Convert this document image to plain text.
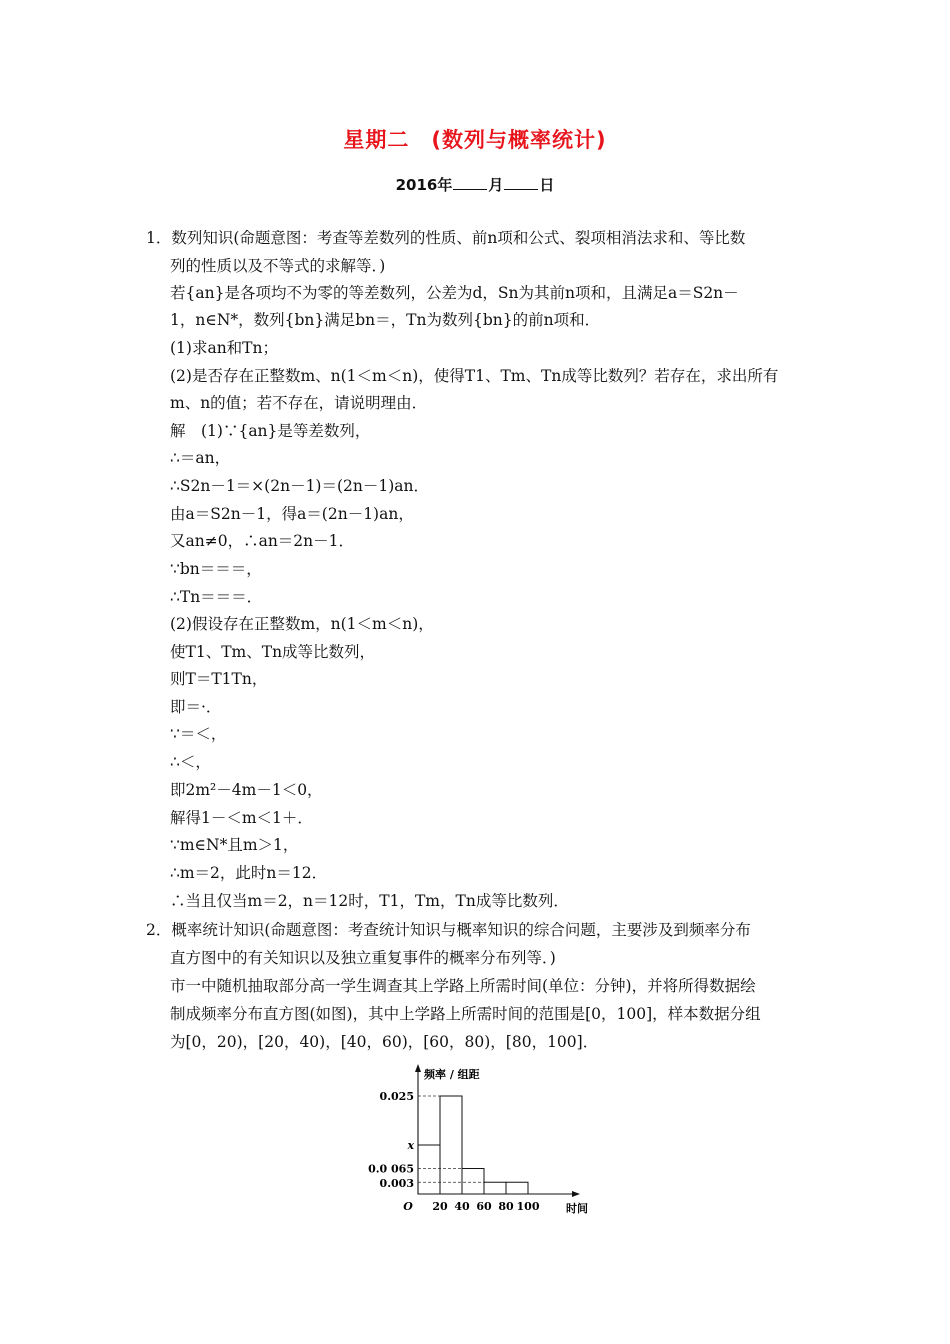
星期二　(数列与概率统计)
2016年 月 日
1．数列知识(命题意图：考查等差数列的性质、前n项和公式、裂项相消法求和、等比数
列的性质以及不等式的求解等．)
若{an}是各项均不为零的等差数列，公差为d，Sn为其前n项和，且满足a＝S2n－
1，n∈N*，数列{bn}满足bn＝，Tn为数列{bn}的前n项和．
(1)求an和Tn；
(2)是否存在正整数m、n(1＜m＜n)，使得T1、Tm、Tn成等比数列？若存在，求出所有
m、n的值；若不存在，请说明理由．
解　(1)∵{an}是等差数列，
∴＝an，
∴S2n－1＝×(2n－1)＝(2n－1)an．
由a＝S2n－1，得a＝(2n－1)an，
又an≠0，∴an＝2n－1．
∵bn＝＝＝，
∴Tn＝＝＝．
(2)假设存在正整数m，n(1＜m＜n)，
使T1、Tm、Tn成等比数列，
则T＝T1Tn，
即＝·．
∵＝＜，
∴＜，
即2m²－4m－1＜0，
解得1－＜m＜1＋．
∵m∈N*且m＞1，
∴m＝2，此时n＝12．
∴当且仅当m＝2，n＝12时，T1，Tm，Tn成等比数列．
2．概率统计知识(命题意图：考查统计知识与概率知识的综合问题，主要涉及到频率分布
直方图中的有关知识以及独立重复事件的概率分布列等．)
市一中随机抽取部分高一学生调查其上学路上所需时间(单位：分钟)，并将所得数据绘
制成频率分布直方图(如图)，其中上学路上所需时间的范围是[0，100]，样本数据分组
为[0，20)，[20，40)，[40，60)，[60，80)，[80，100]．
频率 / 组距
0.025
x
0.0 065
0.003
O 20 40 60 80 100 时间
